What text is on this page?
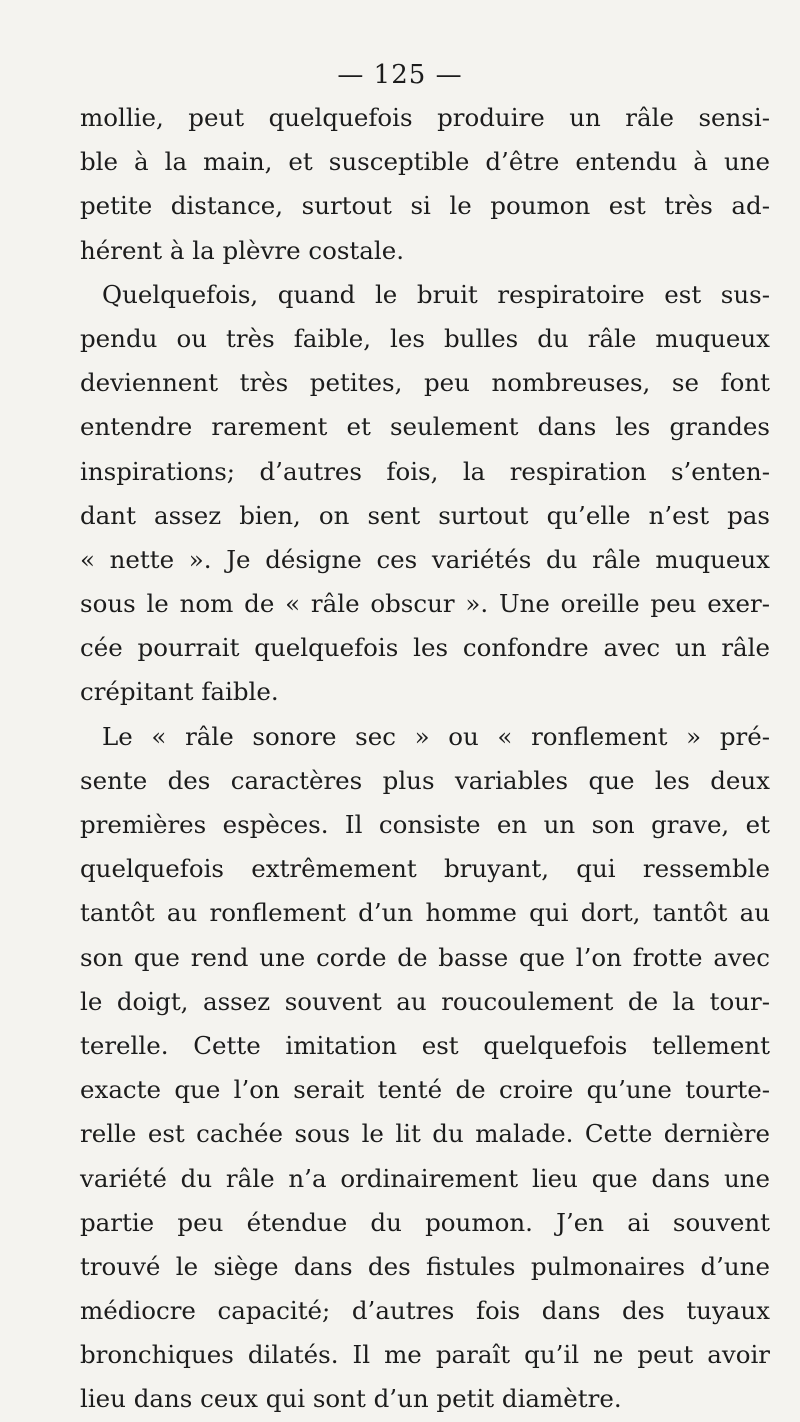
— 125 —
mollie, peut quelquefois produire un râle sensi-
ble à la main, et susceptible d’être entendu à une
petite distance, surtout si le poumon est très ad-
hérent à la plèvre costale.
Quelquefois, quand le bruit respiratoire est sus-
pendu ou très faible, les bulles du râle muqueux
deviennent très petites, peu nombreuses, se font
entendre rarement et seulement dans les grandes
inspirations; d’autres fois, la respiration s’enten-
dant assez bien, on sent surtout qu’elle n’est pas
« nette ». Je désigne ces variétés du râle muqueux
sous le nom de « râle obscur ». Une oreille peu exer-
cée pourrait quelquefois les confondre avec un râle
crépitant faible.
Le « râle sonore sec » ou « ronflement » pré-
sente des caractères plus variables que les deux
premières espèces. Il consiste en un son grave, et
quelquefois extrêmement bruyant, qui ressemble
tantôt au ronflement d’un homme qui dort, tantôt au
son que rend une corde de basse que l’on frotte avec
le doigt, assez souvent au roucoulement de la tour-
terelle. Cette imitation est quelquefois tellement
exacte que l’on serait tenté de croire qu’une tourte-
relle est cachée sous le lit du malade. Cette dernière
variété du râle n’a ordinairement lieu que dans une
partie peu étendue du poumon. J’en ai souvent
trouvé le siège dans des fistules pulmonaires d’une
médiocre capacité; d’autres fois dans des tuyaux
bronchiques dilatés. Il me paraît qu’il ne peut avoir
lieu dans ceux qui sont d’un petit diamètre.
